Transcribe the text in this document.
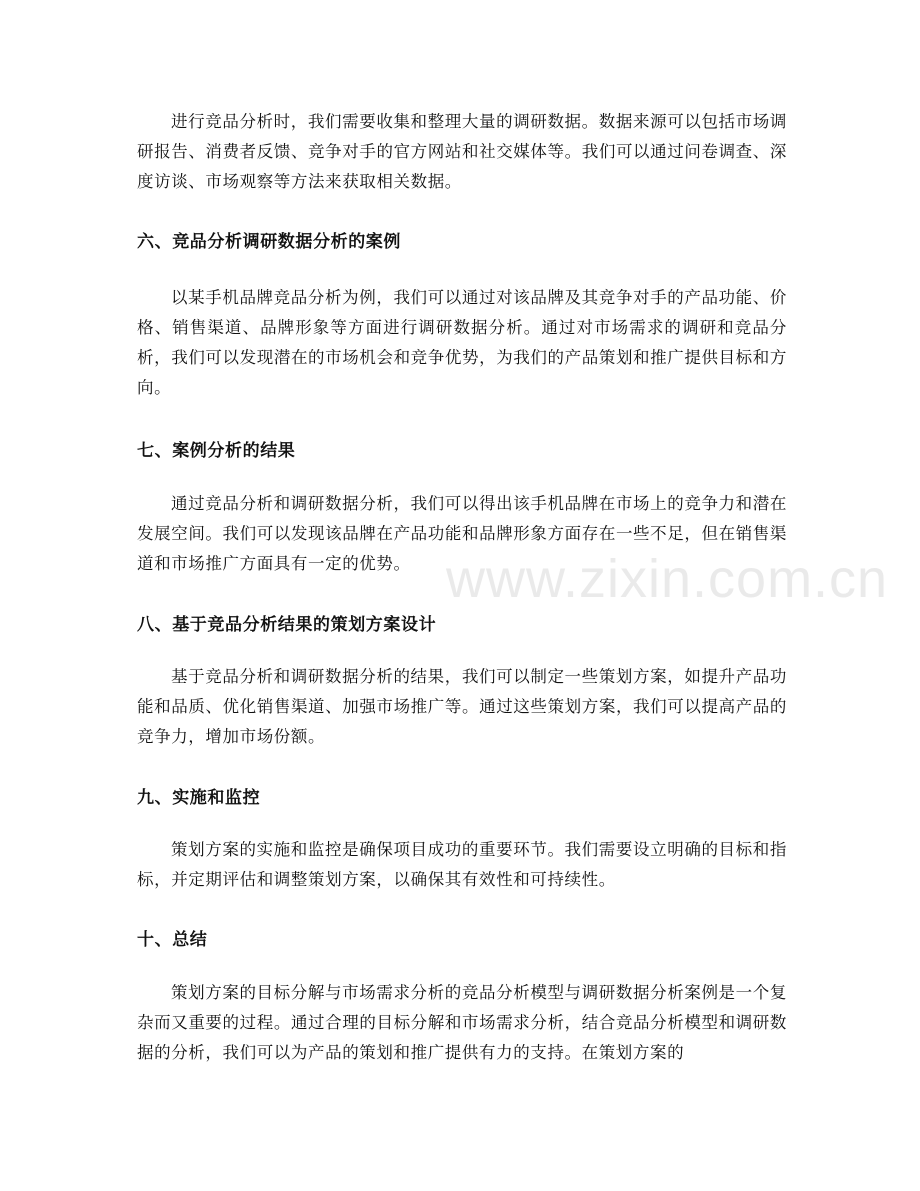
进行竞品分析时，我们需要收集和整理大量的调研数据。数据来源可以包括市场调研报告、消费者反馈、竞争对手的官方网站和社交媒体等。我们可以通过问卷调查、深度访谈、市场观察等方法来获取相关数据。

六、竞品分析调研数据分析的案例

以某手机品牌竞品分析为例，我们可以通过对该品牌及其竞争对手的产品功能、价格、销售渠道、品牌形象等方面进行调研数据分析。通过对市场需求的调研和竞品分析，我们可以发现潜在的市场机会和竞争优势，为我们的产品策划和推广提供目标和方向。

七、案例分析的结果

通过竞品分析和调研数据分析，我们可以得出该手机品牌在市场上的竞争力和潜在发展空间。我们可以发现该品牌在产品功能和品牌形象方面存在一些不足，但在销售渠道和市场推广方面具有一定的优势。

八、基于竞品分析结果的策划方案设计

基于竞品分析和调研数据分析的结果，我们可以制定一些策划方案，如提升产品功能和品质、优化销售渠道、加强市场推广等。通过这些策划方案，我们可以提高产品的竞争力，增加市场份额。

九、实施和监控

策划方案的实施和监控是确保项目成功的重要环节。我们需要设立明确的目标和指标，并定期评估和调整策划方案，以确保其有效性和可持续性。

十、总结

策划方案的目标分解与市场需求分析的竞品分析模型与调研数据分析案例是一个复杂而又重要的过程。通过合理的目标分解和市场需求分析，结合竞品分析模型和调研数据的分析，我们可以为产品的策划和推广提供有力的支持。在策划方案的

www.zixin.com.cn
